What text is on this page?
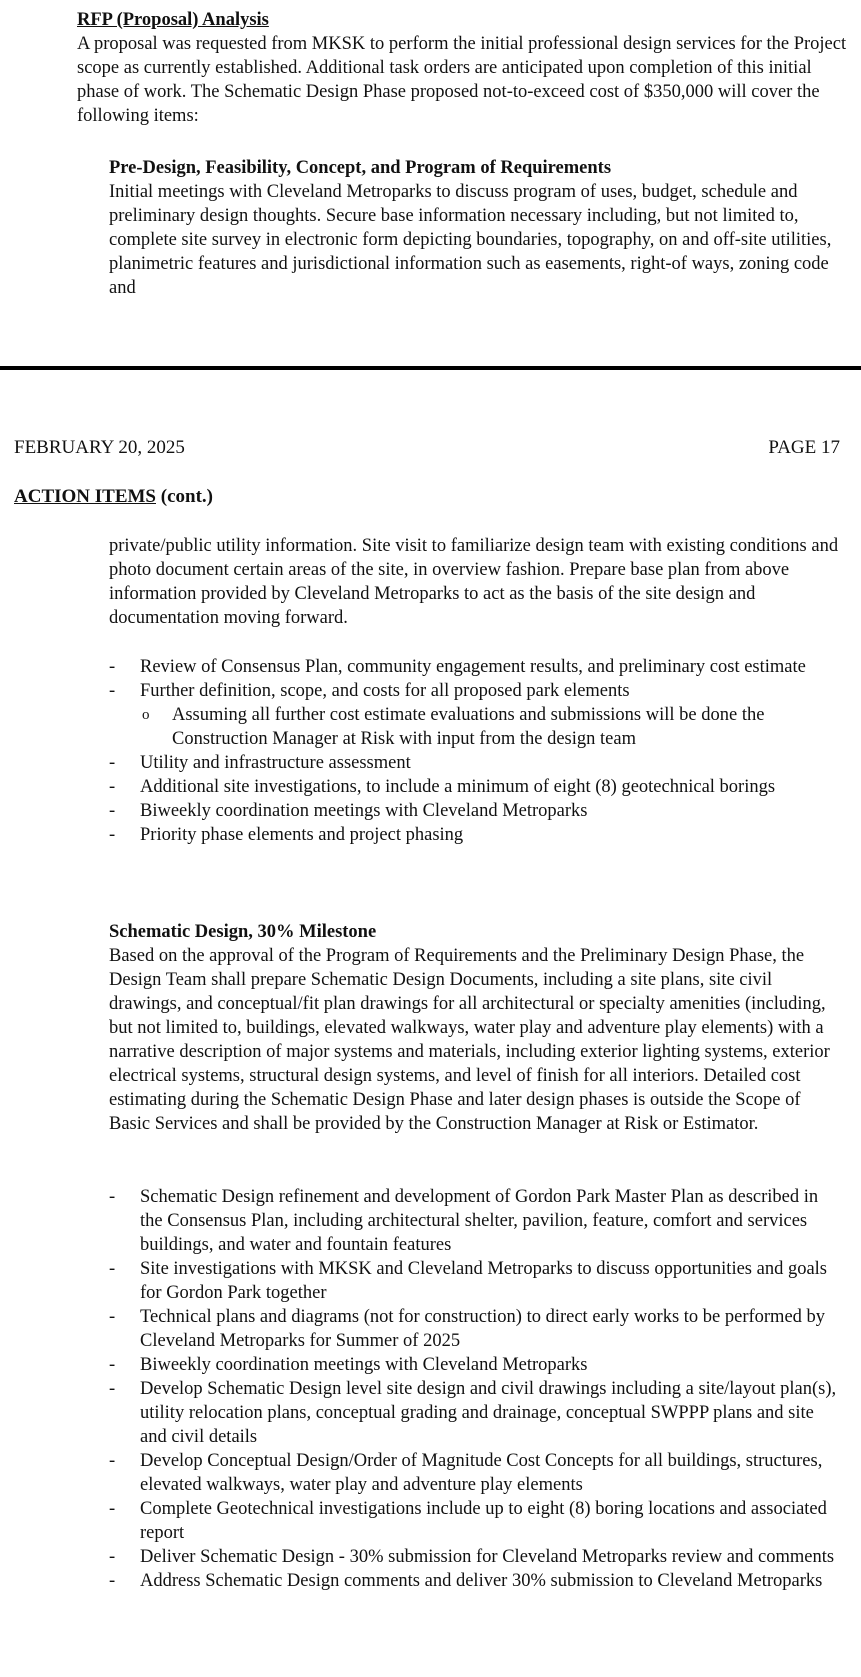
RFP (Proposal) Analysis

A proposal was requested from MKSK to perform the initial professional design services for the Project scope as currently established. Additional task orders are anticipated upon completion of this initial phase of work. The Schematic Design Phase proposed not-to-exceed cost of $350,000 will cover the following items:

Pre-Design, Feasibility, Concept, and Program of Requirements

Initial meetings with Cleveland Metroparks to discuss program of uses, budget, schedule and preliminary design thoughts. Secure base information necessary including, but not limited to, complete site survey in electronic form depicting boundaries, topography, on and off-site utilities, planimetric features and jurisdictional information such as easements, right-of ways, zoning code and

FEBRUARY 20, 2025	PAGE 17
ACTION ITEMS (cont.)

private/public utility information. Site visit to familiarize design team with existing conditions and photo document certain areas of the site, in overview fashion. Prepare base plan from above information provided by Cleveland Metroparks to act as the basis of the site design and documentation moving forward.

-	Review of Consensus Plan, community engagement results, and preliminary cost estimate
-	Further definition, scope, and costs for all proposed park elements
o Assuming all further cost estimate evaluations and submissions will be done the Construction Manager at Risk with input from the design team
-	Utility and infrastructure assessment
-	Additional site investigations, to include a minimum of eight (8) geotechnical borings
-	Biweekly coordination meetings with Cleveland Metroparks
-	Priority phase elements and project phasing
Schematic Design, 30% Milestone

Based on the approval of the Program of Requirements and the Preliminary Design Phase, the Design Team shall prepare Schematic Design Documents, including a site plans, site civil drawings, and conceptual/fit plan drawings for all architectural or specialty amenities (including, but not limited to, buildings, elevated walkways, water play and adventure play elements) with a narrative description of major systems and materials, including exterior lighting systems, exterior electrical systems, structural design systems, and level of finish for all interiors. Detailed cost estimating during the Schematic Design Phase and later design phases is outside the Scope of Basic Services and shall be provided by the Construction Manager at Risk or Estimator.

-	Schematic Design refinement and development of Gordon Park Master Plan as described in the Consensus Plan, including architectural shelter, pavilion, feature, comfort and services buildings, and water and fountain features
-	Site investigations with MKSK and Cleveland Metroparks to discuss opportunities and goals for Gordon Park together
-	Technical plans and diagrams (not for construction) to direct early works to be performed by Cleveland Metroparks for Summer of 2025
-	Biweekly coordination meetings with Cleveland Metroparks
-	Develop Schematic Design level site design and civil drawings including a site/layout plan(s), utility relocation plans, conceptual grading and drainage, conceptual SWPPP plans and site and civil details
-	Develop Conceptual Design/Order of Magnitude Cost Concepts for all buildings, structures, elevated walkways, water play and adventure play elements
-	Complete Geotechnical investigations include up to eight (8) boring locations and associated report
-	Deliver Schematic Design - 30% submission for Cleveland Metroparks review and comments
-	Address Schematic Design comments and deliver 30% submission to Cleveland Metroparks
